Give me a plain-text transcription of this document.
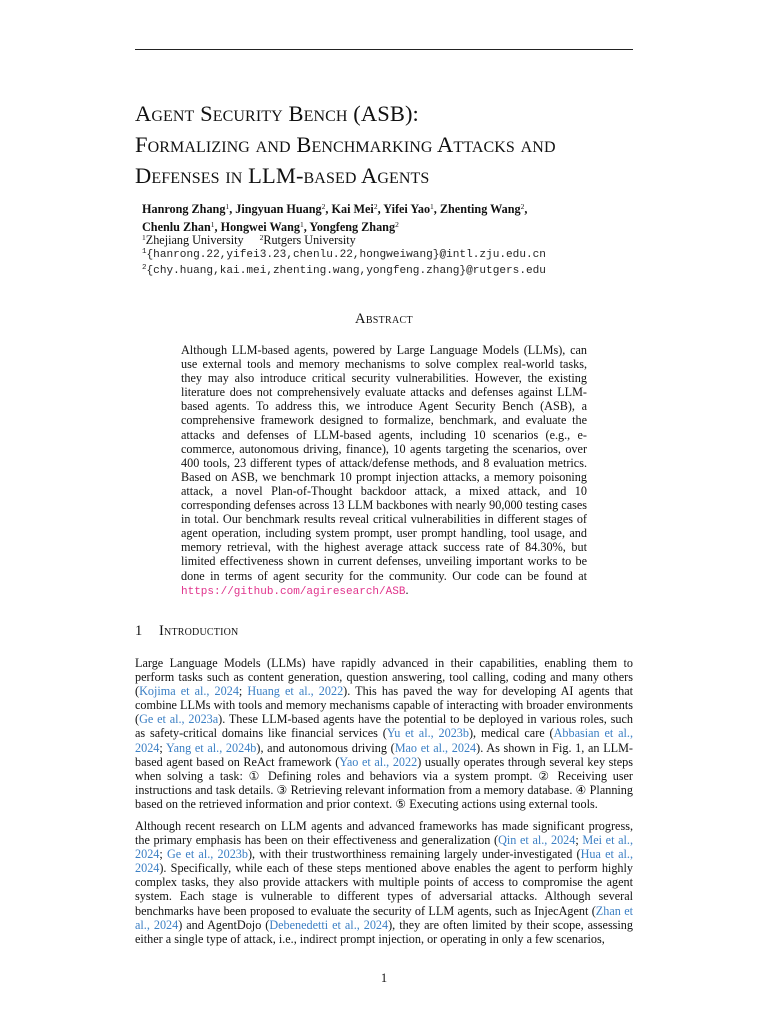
Agent Security Bench (ASB):
Formalizing and Benchmarking Attacks and
Defenses in LLM-based Agents
Hanrong Zhang$^1$, Jingyuan Huang$^2$, Kai Mei$^2$, Yifei Yao$^1$, Zhenting Wang$^2$,
Chenlu Zhan$^1$, Hongwei Wang$^1$, Yongfeng Zhang$^2$
$^1$Zhejiang University $^2$Rutgers University
$^1${hanrong.22,yifei3.23,chenlu.22,hongweiwang}@intl.zju.edu.cn
$^2${chy.huang,kai.mei,zhenting.wang,yongfeng.zhang}@rutgers.edu
Abstract
Although LLM-based agents, powered by Large Language Models (LLMs), can use external tools and memory mechanisms to solve complex real-world tasks, they may also introduce critical security vulnerabilities. However, the existing literature does not comprehensively evaluate attacks and defenses against LLM-based agents. To address this, we introduce Agent Security Bench (ASB), a comprehensive framework designed to formalize, benchmark, and evaluate the attacks and defenses of LLM-based agents, including 10 scenarios (e.g., e-commerce, autonomous driving, finance), 10 agents targeting the scenarios, over 400 tools, 23 different types of attack/defense methods, and 8 evaluation metrics. Based on ASB, we benchmark 10 prompt injection attacks, a memory poisoning attack, a novel Plan-of-Thought backdoor attack, a mixed attack, and 10 corresponding defenses across 13 LLM backbones with nearly 90,000 testing cases in total. Our benchmark results reveal critical vulnerabilities in different stages of agent operation, including system prompt, user prompt handling, tool usage, and memory retrieval, with the highest average attack success rate of 84.30%, but limited effectiveness shown in current defenses, unveiling important works to be done in terms of agent security for the community. Our code can be found at https://github.com/agiresearch/ASB.
1 Introduction
Large Language Models (LLMs) have rapidly advanced in their capabilities, enabling them to perform tasks such as content generation, question answering, tool calling, coding and many others (Kojima et al., 2024; Huang et al., 2022). This has paved the way for developing AI agents that combine LLMs with tools and memory mechanisms capable of interacting with broader environments (Ge et al., 2023a). These LLM-based agents have the potential to be deployed in various roles, such as safety-critical domains like financial services (Yu et al., 2023b), medical care (Abbasian et al., 2024; Yang et al., 2024b), and autonomous driving (Mao et al., 2024). As shown in Fig. 1, an LLM-based agent based on ReAct framework (Yao et al., 2022) usually operates through several key steps when solving a task: ① Defining roles and behaviors via a system prompt. ② Receiving user instructions and task details. ③ Retrieving relevant information from a memory database. ④ Planning based on the retrieved information and prior context. ⑤ Executing actions using external tools.
Although recent research on LLM agents and advanced frameworks has made significant progress, the primary emphasis has been on their effectiveness and generalization (Qin et al., 2024; Mei et al., 2024; Ge et al., 2023b), with their trustworthiness remaining largely under-investigated (Hua et al., 2024). Specifically, while each of these steps mentioned above enables the agent to perform highly complex tasks, they also provide attackers with multiple points of access to compromise the agent system. Each stage is vulnerable to different types of adversarial attacks. Although several benchmarks have been proposed to evaluate the security of LLM agents, such as InjecAgent (Zhan et al., 2024) and AgentDojo (Debenedetti et al., 2024), they are often limited by their scope, assessing either a single type of attack, i.e., indirect prompt injection, or operating in only a few scenarios,
1
